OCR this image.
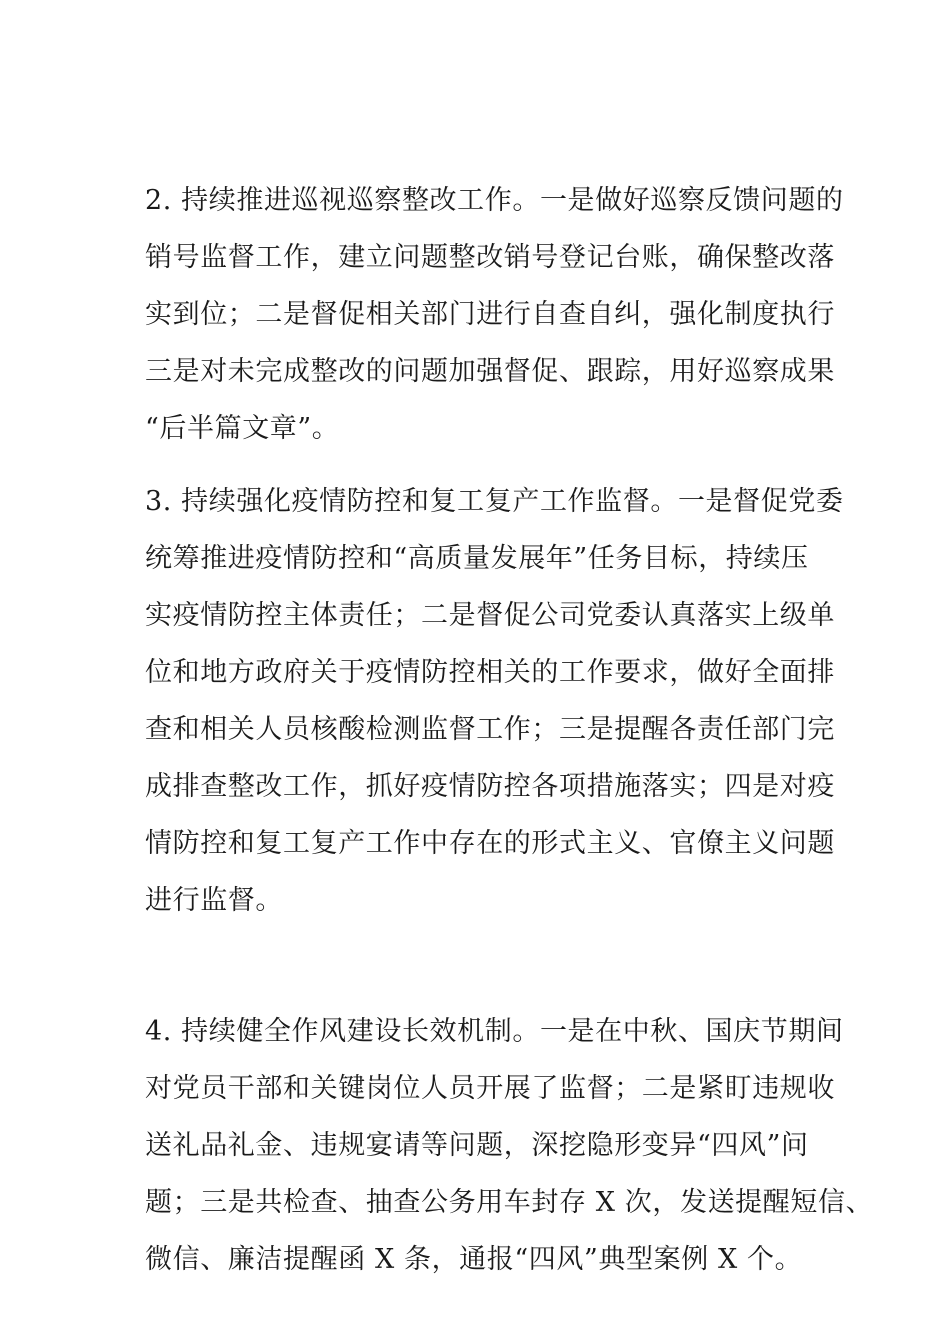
2. 持续推进巡视巡察整改工作。一是做好巡察反馈问题的
销号监督工作，建立问题整改销号登记台账，确保整改落
实到位；二是督促相关部门进行自查自纠，强化制度执行
三是对未完成整改的问题加强督促、跟踪，用好巡察成果
“后半篇文章”。
3. 持续强化疫情防控和复工复产工作监督。一是督促党委
统筹推进疫情防控和“高质量发展年”任务目标，持续压
实疫情防控主体责任；二是督促公司党委认真落实上级单
位和地方政府关于疫情防控相关的工作要求，做好全面排
查和相关人员核酸检测监督工作；三是提醒各责任部门完
成排查整改工作，抓好疫情防控各项措施落实；四是对疫
情防控和复工复产工作中存在的形式主义、官僚主义问题
进行监督。
4. 持续健全作风建设长效机制。一是在中秋、国庆节期间
对党员干部和关键岗位人员开展了监督；二是紧盯违规收
送礼品礼金、违规宴请等问题，深挖隐形变异“四风”问
题；三是共检查、抽查公务用车封存 X 次，发送提醒短信、
微信、廉洁提醒函 X 条，通报“四风”典型案例 X 个。
